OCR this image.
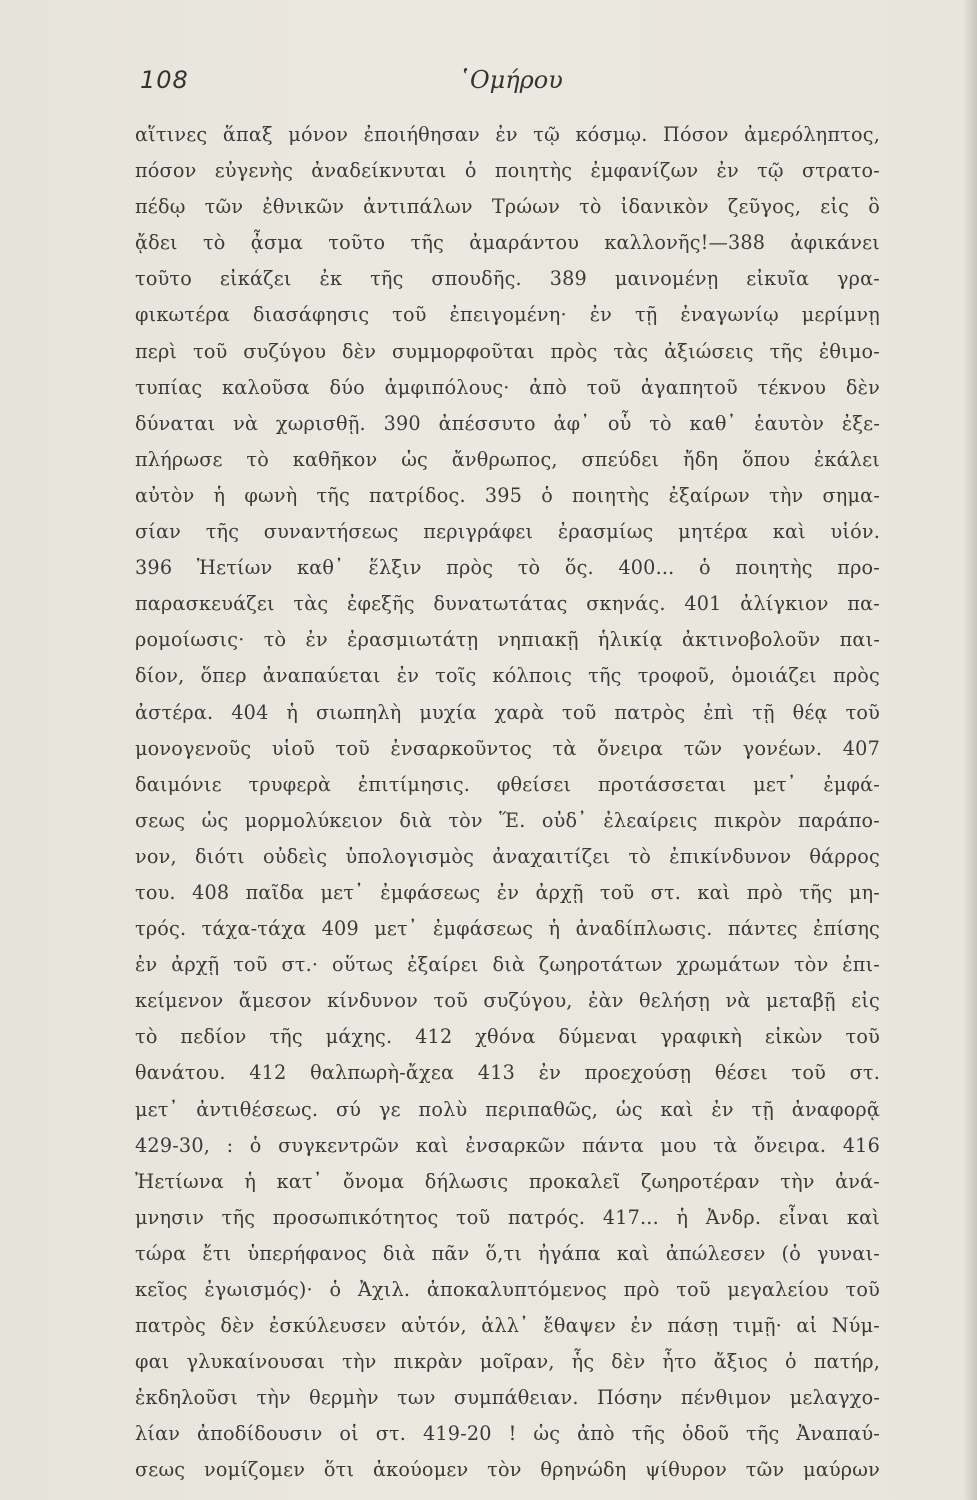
108	῾Ομήρου
αἵτινες ἅπαξ μόνον ἐποιήθησαν ἐν τῷ κόσμῳ. Πόσον ἀμερόληπτος,
πόσον εὐγενὴς ἀναδείκνυται ὁ ποιητὴς ἐμφανίζων ἐν τῷ στρατο-
πέδῳ τῶν ἐθνικῶν ἀντιπάλων Τρώων τὸ ἰδανικὸν ζεῦγος, εἰς ὃ
ᾄδει τὸ ᾆσμα τοῦτο τῆς ἀμαράντου καλλονῆς!—388 ἀφικάνει
τοῦτο εἰκάζει ἐκ τῆς σπουδῆς. 389 μαινομένῃ εἰκυῖα γρα-
φικωτέρα διασάφησις τοῦ ἐπειγομένη· ἐν τῇ ἐναγωνίῳ μερίμνῃ
περὶ τοῦ συζύγου δὲν συμμορφοῦται πρὸς τὰς ἀξιώσεις τῆς ἐθιμο-
τυπίας καλοῦσα δύο ἀμφιπόλους· ἀπὸ τοῦ ἀγαπητοῦ τέκνου δὲν
δύναται νὰ χωρισθῇ. 390 ἀπέσσυτο ἀφ᾽ οὗ τὸ καθ᾽ ἑαυτὸν ἐξε-
πλήρωσε τὸ καθῆκον ὡς ἄνθρωπος, σπεύδει ἤδη ὅπου ἐκάλει
αὐτὸν ἡ φωνὴ τῆς πατρίδος. 395 ὁ ποιητὴς ἐξαίρων τὴν σημα-
σίαν τῆς συναντήσεως περιγράφει ἐρασμίως μητέρα καὶ υἱόν.
396 Ἠετίων καθ᾽ ἕλξιν πρὸς τὸ ὅς. 400... ὁ ποιητὴς προ-
παρασκευάζει τὰς ἐφεξῆς δυνατωτάτας σκηνάς. 401 ἀλίγκιον πα-
ρομοίωσις· τὸ ἐν ἐρασμιωτάτῃ νηπιακῇ ἡλικίᾳ ἀκτινοβολοῦν παι-
δίον, ὅπερ ἀναπαύεται ἐν τοῖς κόλποις τῆς τροφοῦ, ὁμοιάζει πρὸς
ἀστέρα. 404 ἡ σιωπηλὴ μυχία χαρὰ τοῦ πατρὸς ἐπὶ τῇ θέᾳ τοῦ
μονογενοῦς υἱοῦ τοῦ ἐνσαρκοῦντος τὰ ὄνειρα τῶν γονέων. 407
δαιμόνιε τρυφερὰ ἐπιτίμησις. φθείσει προτάσσεται μετ᾽ ἐμφά-
σεως ὡς μορμολύκειον διὰ τὸν Ἕ. οὐδ᾽ ἐλεαίρεις πικρὸν παράπο-
νον, διότι οὐδεὶς ὑπολογισμὸς ἀναχαιτίζει τὸ ἐπικίνδυνον θάρρος
του. 408 παῖδα μετ᾽ ἐμφάσεως ἐν ἀρχῇ τοῦ στ. καὶ πρὸ τῆς μη-
τρός. τάχα-τάχα 409 μετ᾽ ἐμφάσεως ἡ ἀναδίπλωσις. πάντες ἐπίσης
ἐν ἀρχῇ τοῦ στ.· οὕτως ἐξαίρει διὰ ζωηροτάτων χρωμάτων τὸν ἐπι-
κείμενον ἄμεσον κίνδυνον τοῦ συζύγου, ἐὰν θελήσῃ νὰ μεταβῇ εἰς
τὸ πεδίον τῆς μάχης. 412 χθόνα δύμεναι γραφικὴ εἰκὼν τοῦ
θανάτου. 412 θαλπωρὴ-ἄχεα 413 ἐν προεχούσῃ θέσει τοῦ στ.
μετ᾽ ἀντιθέσεως. σύ γε πολὺ περιπαθῶς, ὡς καὶ ἐν τῇ ἀναφορᾷ
429-30, : ὁ συγκεντρῶν καὶ ἐνσαρκῶν πάντα μου τὰ ὄνειρα. 416
Ἠετίωνα ἡ κατ᾽ ὄνομα δήλωσις προκαλεῖ ζωηροτέραν τὴν ἀνά-
μνησιν τῆς προσωπικότητος τοῦ πατρός. 417... ἡ Ἀνδρ. εἶναι καὶ
τώρα ἔτι ὑπερήφανος διὰ πᾶν ὅ,τι ἠγάπα καὶ ἀπώλεσεν (ὁ γυναι-
κεῖος ἐγωισμός)· ὁ Ἀχιλ. ἀποκαλυπτόμενος πρὸ τοῦ μεγαλείου τοῦ
πατρὸς δὲν ἐσκύλευσεν αὐτόν, ἀλλ᾽ ἔθαψεν ἐν πάσῃ τιμῇ· αἱ Νύμ-
φαι γλυκαίνουσαι τὴν πικρὰν μοῖραν, ἧς δὲν ἦτο ἄξιος ὁ πατήρ,
ἐκδηλοῦσι τὴν θερμὴν των συμπάθειαν. Πόσην πένθιμον μελαγχο-
λίαν ἀποδίδουσιν οἱ στ. 419-20 ! ὡς ἀπὸ τῆς ὁδοῦ τῆς Ἀναπαύ-
σεως νομίζομεν ὅτι ἀκούομεν τὸν θρηνώδη ψίθυρον τῶν μαύρων
